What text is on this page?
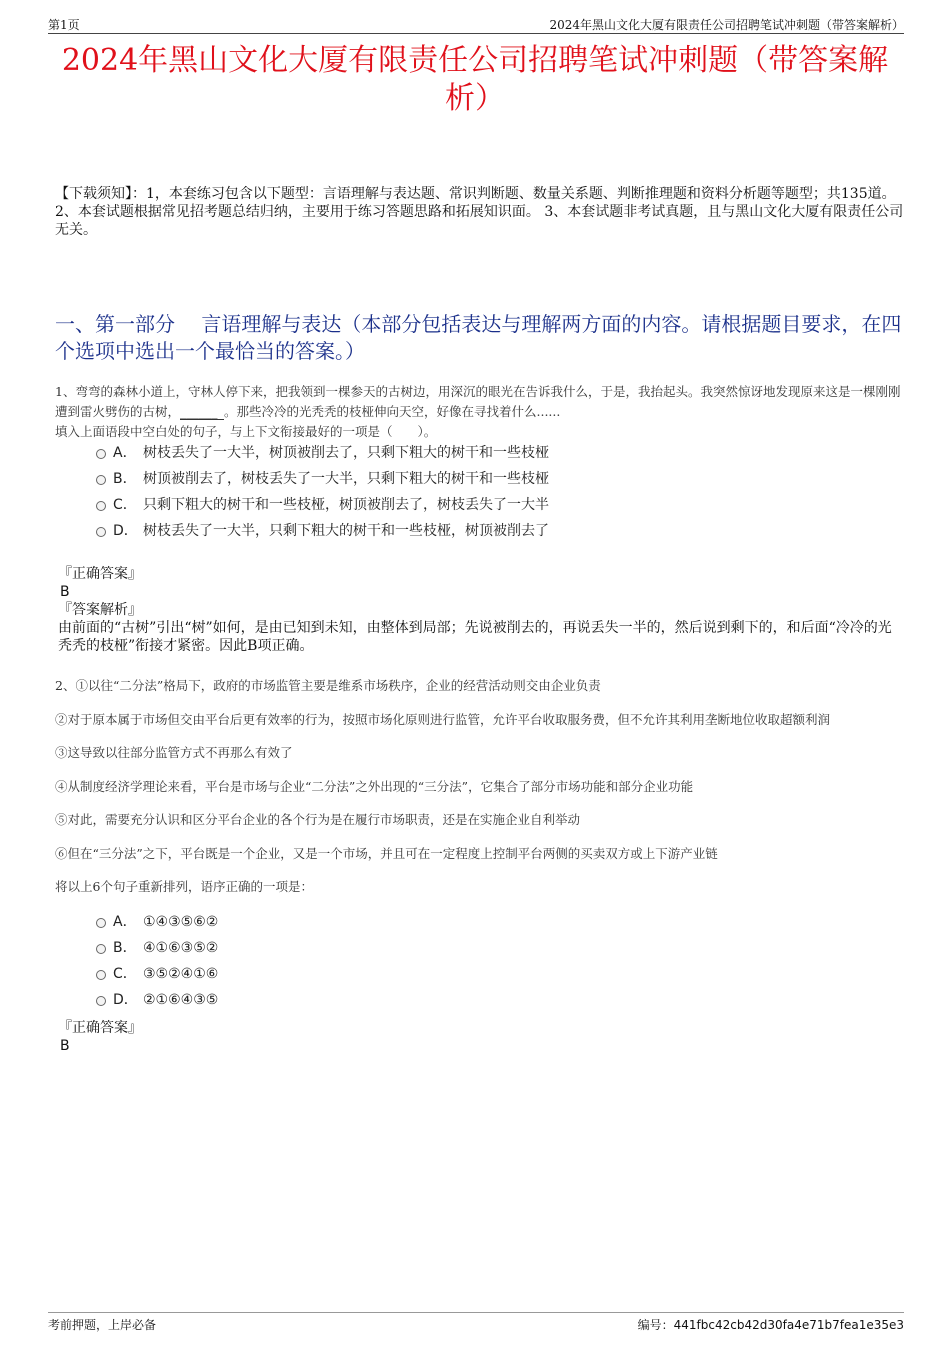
第1页	2024年黑山文化大厦有限责任公司招聘笔试冲刺题（带答案解析）
2024年黑山文化大厦有限责任公司招聘笔试冲刺题（带答案解析）
【下载须知】：1，本套练习包含以下题型：言语理解与表达题、常识判断题、数量关系题、判断推理题和资料分析题等题型；共135道。 2、本套试题根据常见招考题总结归纳，主要用于练习答题思路和拓展知识面。 3、本套试题非考试真题，且与黑山文化大厦有限责任公司无关。
一、第一部分　 言语理解与表达（本部分包括表达与理解两方面的内容。请根据题目要求，在四个选项中选出一个最恰当的答案。）
1、弯弯的森林小道上，守林人停下来，把我领到一棵参天的古树边，用深沉的眼光在告诉我什么，于是，我抬起头。我突然惊讶地发现原来这是一棵刚刚遭到雷火劈伤的古树，______ 。那些冷冷的光秃秃的枝桠伸向天空，好像在寻找着什么......
填入上面语段中空白处的句子，与上下文衔接最好的一项是（　　）。
A． 树枝丢失了一大半，树顶被削去了，只剩下粗大的树干和一些枝桠
B． 树顶被削去了，树枝丢失了一大半，只剩下粗大的树干和一些枝桠
C． 只剩下粗大的树干和一些枝桠，树顶被削去了，树枝丢失了一大半
D． 树枝丢失了一大半，只剩下粗大的树干和一些枝桠，树顶被削去了
『正确答案』
B
『答案解析』
由前面的“古树”引出“树”如何，是由已知到未知，由整体到局部；先说被削去的，再说丢失一半的，然后说到剩下的，和后面“冷冷的光秃秃的枝桠”衔接才紧密。因此B项正确。

2、①以往“二分法”格局下，政府的市场监管主要是维系市场秩序，企业的经营活动则交由企业负责

②对于原本属于市场但交由平台后更有效率的行为，按照市场化原则进行监管，允许平台收取服务费，但不允许其利用垄断地位收取超额利润

③这导致以往部分监管方式不再那么有效了

④从制度经济学理论来看，平台是市场与企业“二分法”之外出现的“三分法”，它集合了部分市场功能和部分企业功能

⑤对此，需要充分认识和区分平台企业的各个行为是在履行市场职责，还是在实施企业自利举动

⑥但在“三分法”之下，平台既是一个企业，又是一个市场，并且可在一定程度上控制平台两侧的买卖双方或上下游产业链

将以上6个句子重新排列，语序正确的一项是：

A． ①④③⑤⑥②
B． ④①⑥③⑤②
C． ③⑤②④①⑥
D． ②①⑥④③⑤
『正确答案』
B
考前押题，上岸必备	编号：441fbc42cb42d30fa4e71b7fea1e35e3
